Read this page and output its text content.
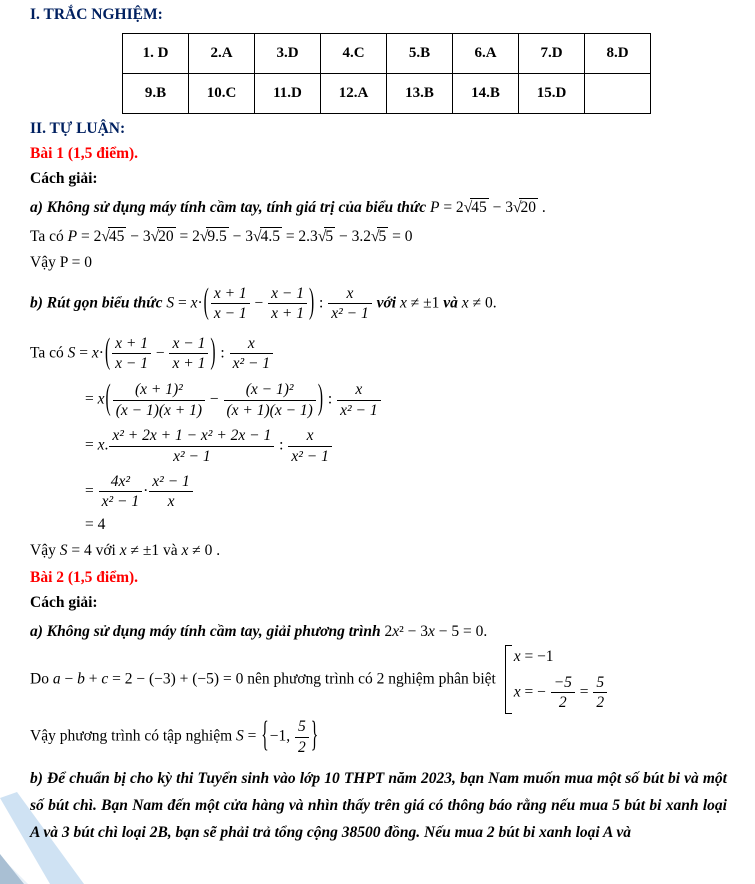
I. TRẮC NGHIỆM:
1. D	2.A	3.D	4.C	5.B	6.A	7.D	8.D
9.B	10.C	11.D	12.A	13.B	14.B	15.D	
II. TỰ LUẬN:
Bài 1 (1,5 điểm).
Cách giải:
a) Không sử dụng máy tính cầm tay, tính giá trị của biểu thức P = 2√45 − 3√20 .
Ta có P = 2√45 − 3√20 = 2√9.5 − 3√4.5 = 2.3√5 − 3.2√5 = 0
Vậy P = 0
b) Rút gọn biểu thức $S = x\cdot( \frac{x + 1}{x - 1} - \frac{x - 1}{x + 1}$ ) : $\frac{x}{\text{x² − 1}}$ với x ≠ ±1 và x ≠ 0.
Ta có $S = x\cdot( \frac{x + 1}{x - 1} - \frac{x - 1}{x + 1}$ ) : $\frac{x}{\text{x² − 1}}$
= $x( \frac{\text{(x + 1)²}}{(x - 1)(x + 1)} - \frac{\text{(x − 1)²}}{(x + 1)(x - 1)}$ ) : $\frac{x}{\text{x² − 1}}$
= x. $\frac{\text{x² + 2x + 1 − x² + 2x − 1}}{\text{x² − 1}}$ : $\frac{x}{\text{x² − 1}}$
= $\frac{\text{4x²}}{\text{x² − 1}} \cdot \frac{\text{x² − 1}}{x}$
= 4
Vậy S = 4 với x ≠ ±1 và x ≠ 0 .
Bài 2 (1,5 điểm).
Cách giải:
a) Không sử dụng máy tính cầm tay, giải phương trình 2x² − 3x − 5 = 0.
Do a − b + c = 2 − (−3) + (−5) = 0 nên phương trình có 2 nghiệm phân biệt
x = −1
x = − $\frac{-5}{2} = \frac{5}{2}$
Vậy phương trình có tập nghiệm S = {−1, $\frac{5}{2}$ }
b) Để chuẩn bị cho kỳ thi Tuyển sinh vào lớp 10 THPT năm 2023, bạn Nam muốn mua một số bút bi và một số bút chì. Bạn Nam đến một cửa hàng và nhìn thấy trên giá có thông báo rằng nếu mua 5 bút bi xanh loại A và 3 bút chì loại 2B, bạn sẽ phải trả tổng cộng 38500 đồng. Nếu mua 2 bút bi xanh loại A và
